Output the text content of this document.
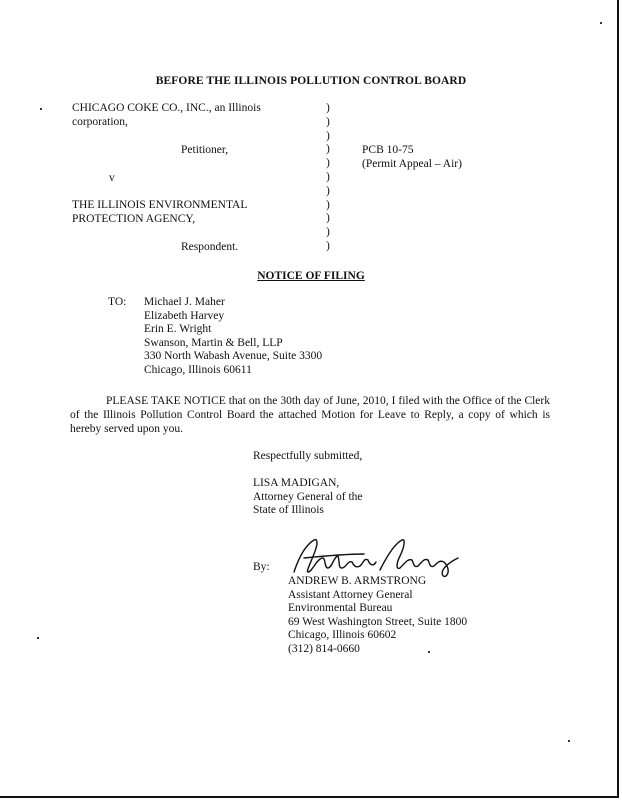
BEFORE THE ILLINOIS POLLUTION CONTROL BOARD
CHICAGO COKE CO., INC., an Illinois
corporation,
Petitioner,
v
THE ILLINOIS ENVIRONMENTAL
PROTECTION AGENCY,
Respondent.
)
)
)
)
)
)
)
)
)
)
)
PCB 10-75
(Permit Appeal – Air)
NOTICE OF FILING
TO: Michael J. Maher
Elizabeth Harvey
Erin E. Wright
Swanson, Martin & Bell, LLP
330 North Wabash Avenue, Suite 3300
Chicago, Illinois 60611
PLEASE TAKE NOTICE that on the 30th day of June, 2010, I filed with the Office of the Clerk of the Illinois Pollution Control Board the attached Motion for Leave to Reply, a copy of which is hereby served upon you.
Respectfully submitted,
LISA MADIGAN,
Attorney General of the
State of Illinois
By:
ANDREW B. ARMSTRONG
Assistant Attorney General
Environmental Bureau
69 West Washington Street, Suite 1800
Chicago, Illinois 60602
(312) 814-0660
